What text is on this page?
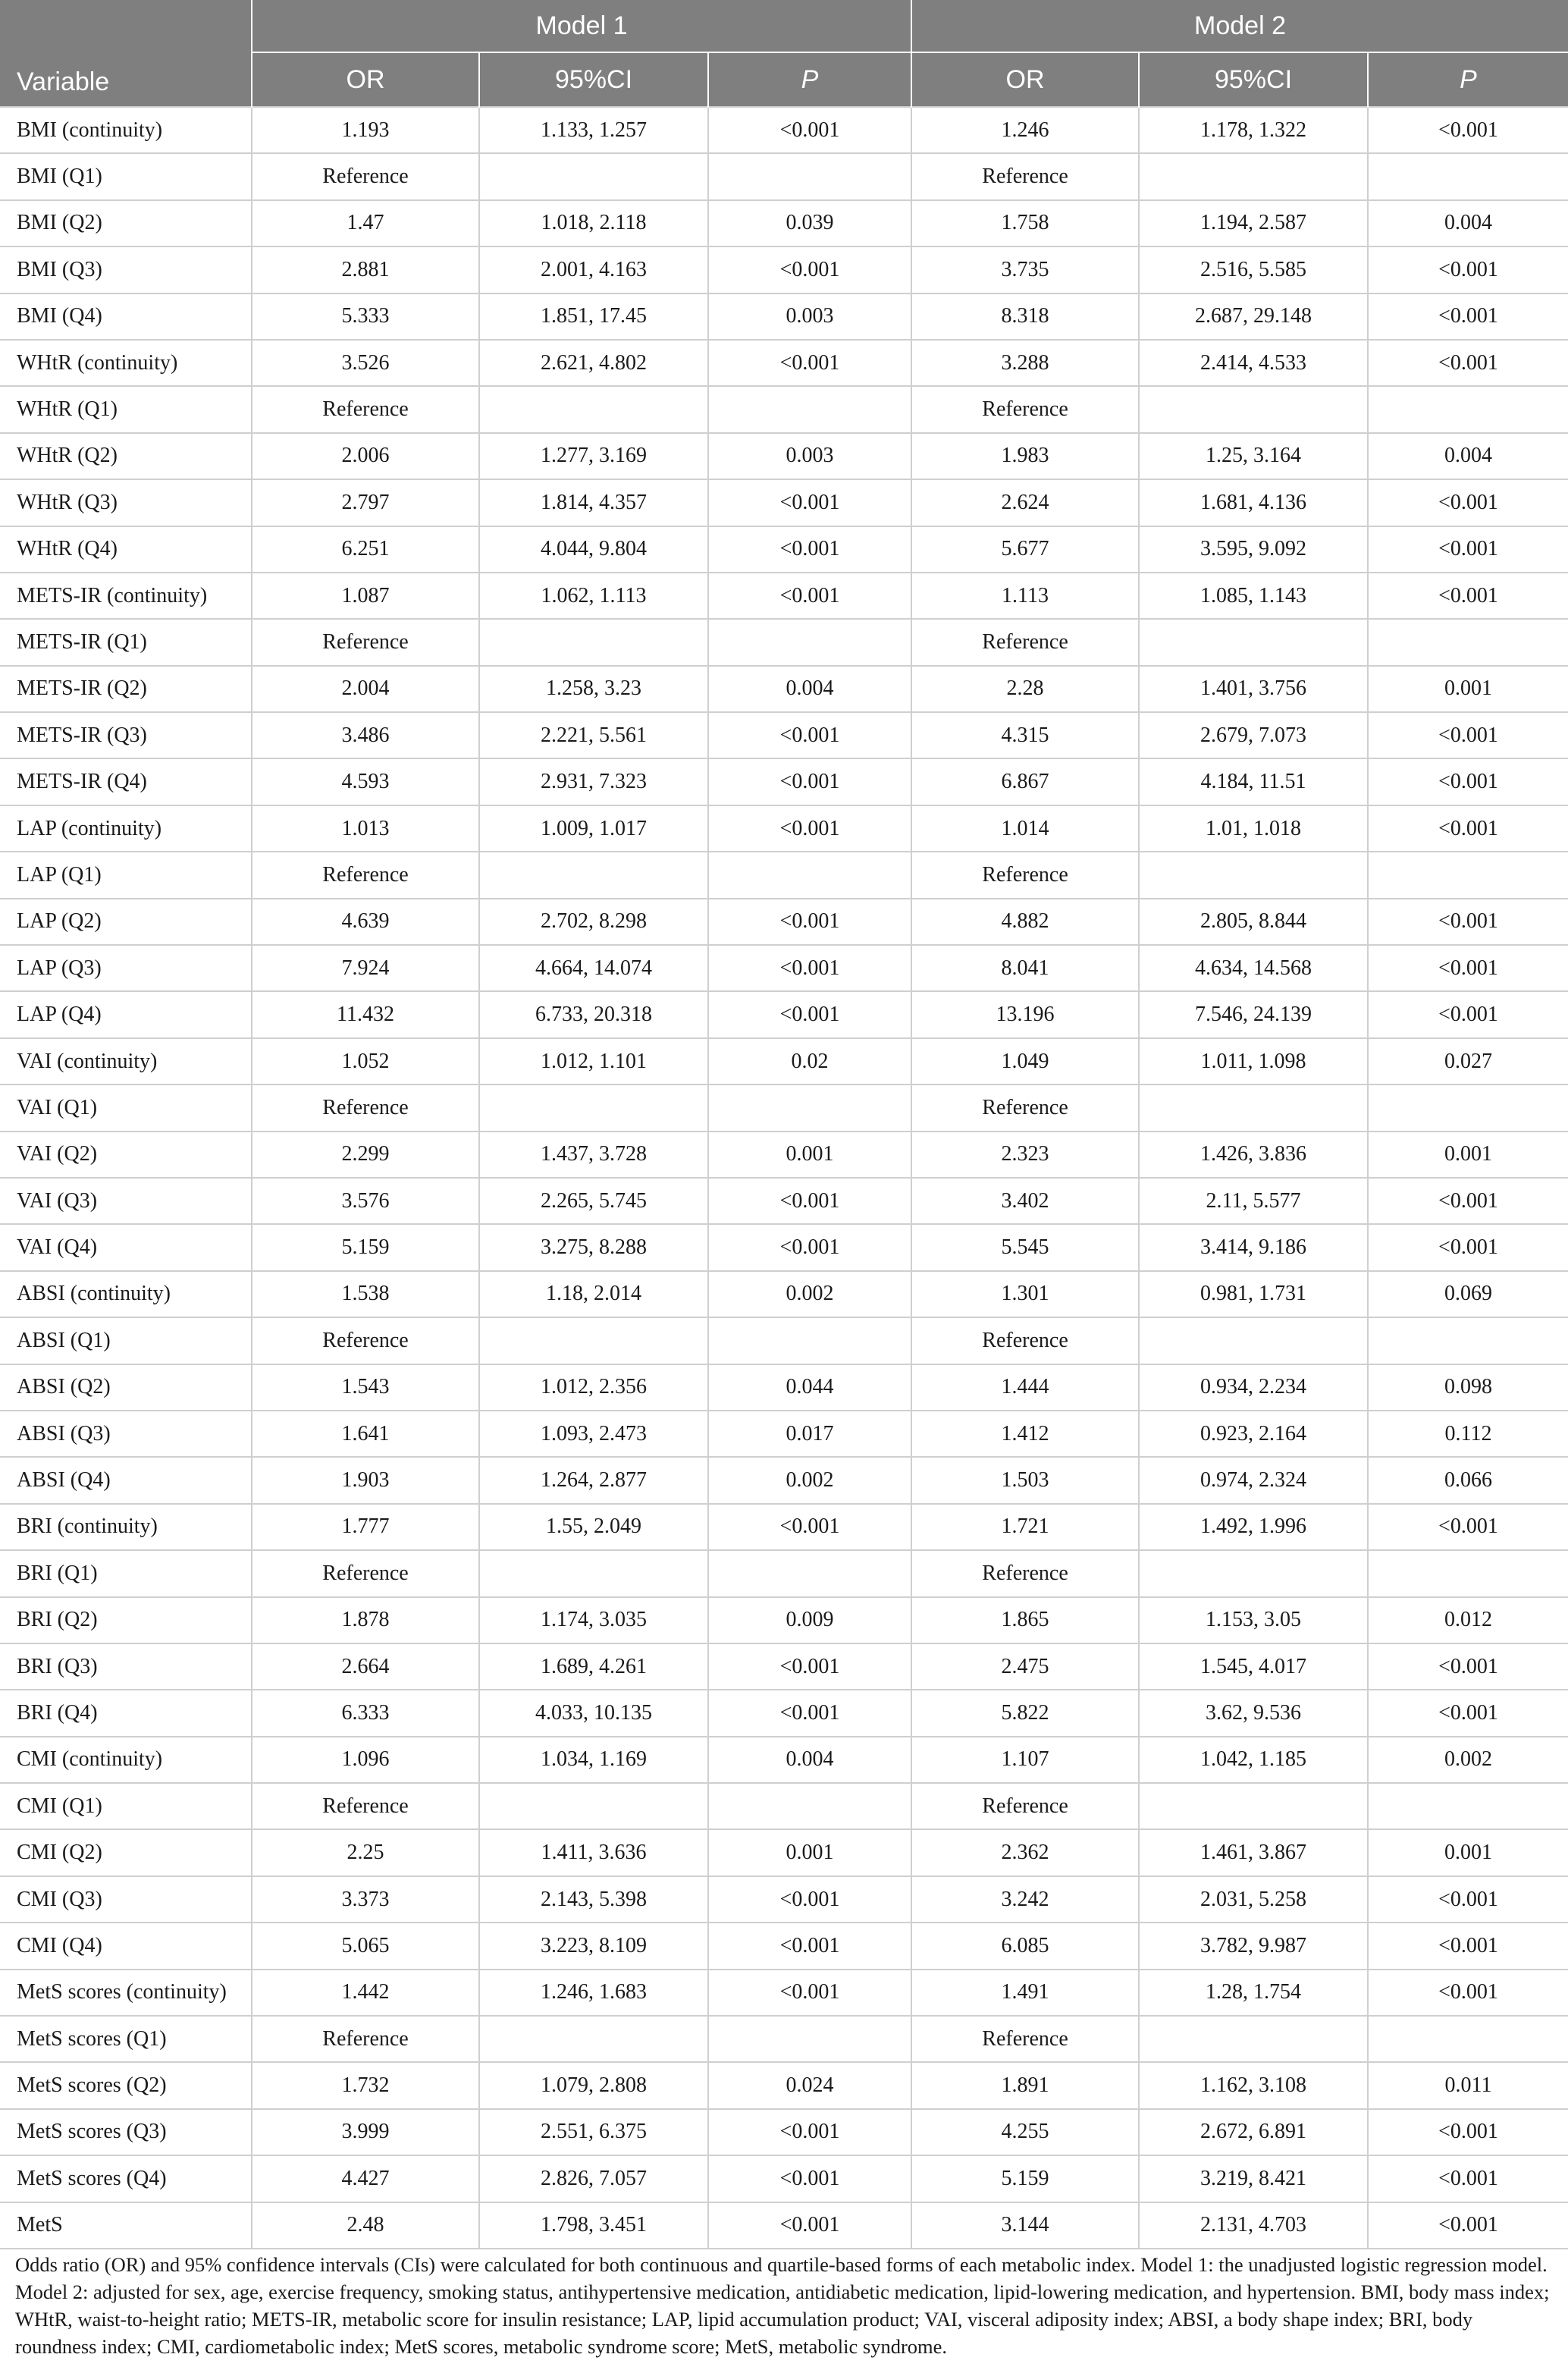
Variable	Model 1			Model 2		
	OR	95%CI	P	OR	95%CI	P
BMI (continuity)	1.193	1.133, 1.257	<0.001	1.246	1.178, 1.322	<0.001
BMI (Q1)	Reference			Reference		
BMI (Q2)	1.47	1.018, 2.118	0.039	1.758	1.194, 2.587	0.004
BMI (Q3)	2.881	2.001, 4.163	<0.001	3.735	2.516, 5.585	<0.001
BMI (Q4)	5.333	1.851, 17.45	0.003	8.318	2.687, 29.148	<0.001
WHtR (continuity)	3.526	2.621, 4.802	<0.001	3.288	2.414, 4.533	<0.001
WHtR (Q1)	Reference			Reference		
WHtR (Q2)	2.006	1.277, 3.169	0.003	1.983	1.25, 3.164	0.004
WHtR (Q3)	2.797	1.814, 4.357	<0.001	2.624	1.681, 4.136	<0.001
WHtR (Q4)	6.251	4.044, 9.804	<0.001	5.677	3.595, 9.092	<0.001
METS-IR (continuity)	1.087	1.062, 1.113	<0.001	1.113	1.085, 1.143	<0.001
METS-IR (Q1)	Reference			Reference		
METS-IR (Q2)	2.004	1.258, 3.23	0.004	2.28	1.401, 3.756	0.001
METS-IR (Q3)	3.486	2.221, 5.561	<0.001	4.315	2.679, 7.073	<0.001
METS-IR (Q4)	4.593	2.931, 7.323	<0.001	6.867	4.184, 11.51	<0.001
LAP (continuity)	1.013	1.009, 1.017	<0.001	1.014	1.01, 1.018	<0.001
LAP (Q1)	Reference			Reference		
LAP (Q2)	4.639	2.702, 8.298	<0.001	4.882	2.805, 8.844	<0.001
LAP (Q3)	7.924	4.664, 14.074	<0.001	8.041	4.634, 14.568	<0.001
LAP (Q4)	11.432	6.733, 20.318	<0.001	13.196	7.546, 24.139	<0.001
VAI (continuity)	1.052	1.012, 1.101	0.02	1.049	1.011, 1.098	0.027
VAI (Q1)	Reference			Reference		
VAI (Q2)	2.299	1.437, 3.728	0.001	2.323	1.426, 3.836	0.001
VAI (Q3)	3.576	2.265, 5.745	<0.001	3.402	2.11, 5.577	<0.001
VAI (Q4)	5.159	3.275, 8.288	<0.001	5.545	3.414, 9.186	<0.001
ABSI (continuity)	1.538	1.18, 2.014	0.002	1.301	0.981, 1.731	0.069
ABSI (Q1)	Reference			Reference		
ABSI (Q2)	1.543	1.012, 2.356	0.044	1.444	0.934, 2.234	0.098
ABSI (Q3)	1.641	1.093, 2.473	0.017	1.412	0.923, 2.164	0.112
ABSI (Q4)	1.903	1.264, 2.877	0.002	1.503	0.974, 2.324	0.066
BRI (continuity)	1.777	1.55, 2.049	<0.001	1.721	1.492, 1.996	<0.001
BRI (Q1)	Reference			Reference		
BRI (Q2)	1.878	1.174, 3.035	0.009	1.865	1.153, 3.05	0.012
BRI (Q3)	2.664	1.689, 4.261	<0.001	2.475	1.545, 4.017	<0.001
BRI (Q4)	6.333	4.033, 10.135	<0.001	5.822	3.62, 9.536	<0.001
CMI (continuity)	1.096	1.034, 1.169	0.004	1.107	1.042, 1.185	0.002
CMI (Q1)	Reference			Reference		
CMI (Q2)	2.25	1.411, 3.636	0.001	2.362	1.461, 3.867	0.001
CMI (Q3)	3.373	2.143, 5.398	<0.001	3.242	2.031, 5.258	<0.001
CMI (Q4)	5.065	3.223, 8.109	<0.001	6.085	3.782, 9.987	<0.001
MetS scores (continuity)	1.442	1.246, 1.683	<0.001	1.491	1.28, 1.754	<0.001
MetS scores (Q1)	Reference			Reference		
MetS scores (Q2)	1.732	1.079, 2.808	0.024	1.891	1.162, 3.108	0.011
MetS scores (Q3)	3.999	2.551, 6.375	<0.001	4.255	2.672, 6.891	<0.001
MetS scores (Q4)	4.427	2.826, 7.057	<0.001	5.159	3.219, 8.421	<0.001
MetS	2.48	1.798, 3.451	<0.001	3.144	2.131, 4.703	<0.001
Odds ratio (OR) and 95% confidence intervals (CIs) were calculated for both continuous and quartile-based forms of each metabolic index. Model 1: the unadjusted logistic regression model. Model 2: adjusted for sex, age, exercise frequency, smoking status, antihypertensive medication, antidiabetic medication, lipid-lowering medication, and hypertension. BMI, body mass index; WHtR, waist-to-height ratio; METS-IR, metabolic score for insulin resistance; LAP, lipid accumulation product; VAI, visceral adiposity index; ABSI, a body shape index; BRI, body roundness index; CMI, cardiometabolic index; MetS scores, metabolic syndrome score; MetS, metabolic syndrome.
